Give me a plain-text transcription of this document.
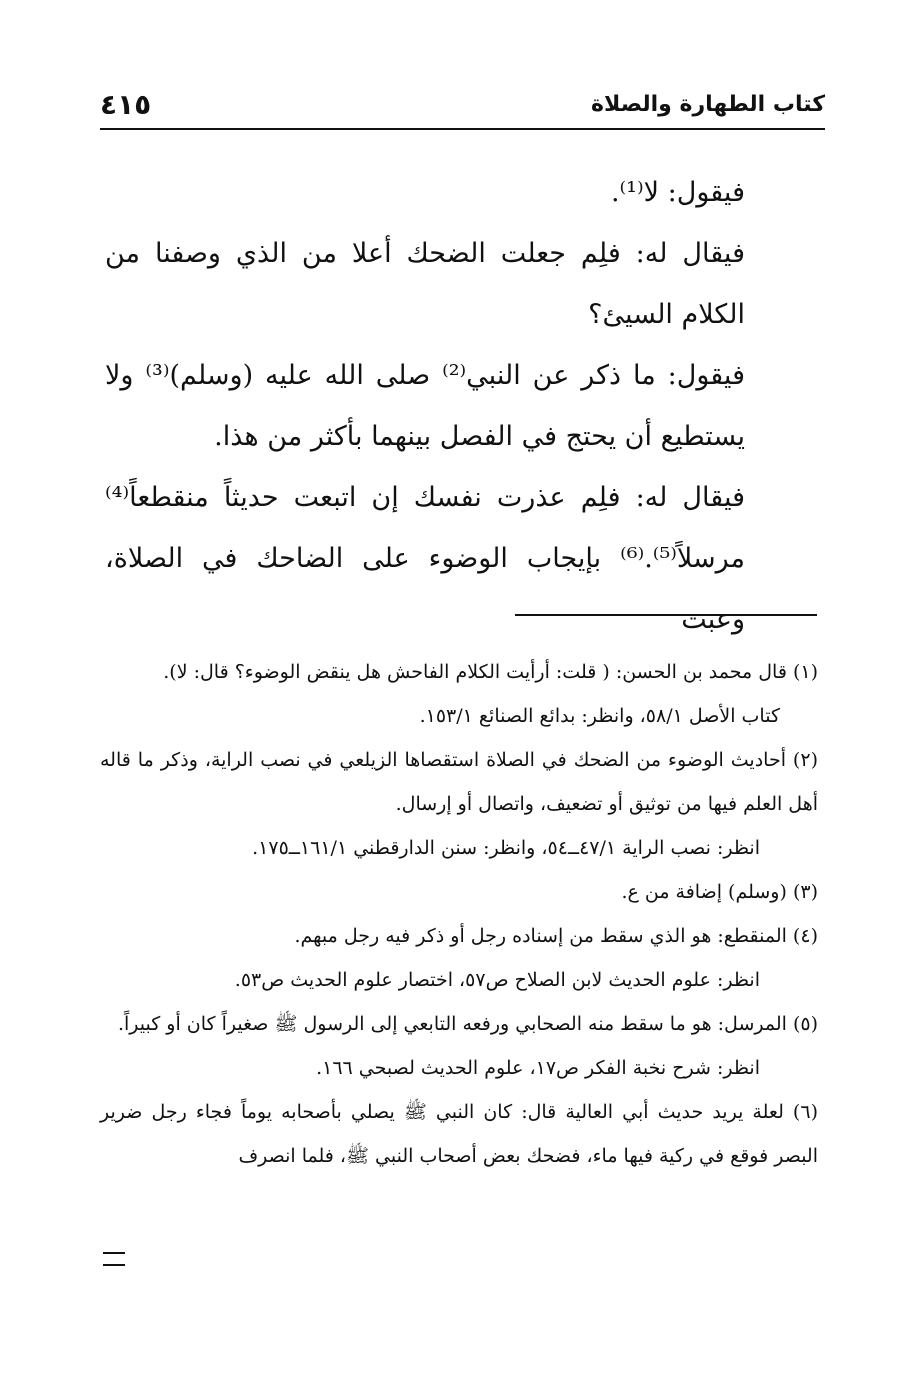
كتاب الطهارة والصلاة
٤١٥

فيقول: لا⁽¹⁾.

فيقال له: فلِم جعلت الضحك أعلا من الذي وصفنا من الكلام السيئ؟

فيقول: ما ذكر عن النبي⁽²⁾ صلى الله عليه (وسلم)⁽³⁾ ولا يستطيع أن يحتج في الفصل بينهما بأكثر من هذا.

فيقال له: فلِم عذرت نفسك إن اتبعت حديثاً منقطعاً⁽⁴⁾ مرسلاً⁽⁵⁾.⁽⁶⁾ بإيجاب الوضوء على الضاحك في الصلاة، وعبت

(١) قال محمد بن الحسن: ( قلت: أرأيت الكلام الفاحش هل ينقض الوضوء؟ قال: لا).

كتاب الأصل ٥٨/١، وانظر: بدائع الصنائع ١٥٣/١.

(٢) أحاديث الوضوء من الضحك في الصلاة استقصاها الزيلعي في نصب الراية، وذكر ما قاله أهل العلم فيها من توثيق أو تضعيف، واتصال أو إرسال.

انظر: نصب الراية ٤٧/١ــ٥٤، وانظر: سنن الدارقطني ١٦١/١ــ١٧٥.

(٣) (وسلم) إضافة من ع.

(٤) المنقطع: هو الذي سقط من إسناده رجل أو ذكر فيه رجل مبهم.

انظر: علوم الحديث لابن الصلاح ص٥٧، اختصار علوم الحديث ص٥٣.

(٥) المرسل: هو ما سقط منه الصحابي ورفعه التابعي إلى الرسول ﷺ صغيراً كان أو كبيراً.

انظر: شرح نخبة الفكر ص١٧، علوم الحديث لصبحي ١٦٦.

(٦) لعلة يريد حديث أبي العالية قال: كان النبي ﷺ يصلي بأصحابه يوماً فجاء رجل ضرير البصر فوقع في ركية فيها ماء، فضحك بعض أصحاب النبي ﷺ، فلما انصرف
